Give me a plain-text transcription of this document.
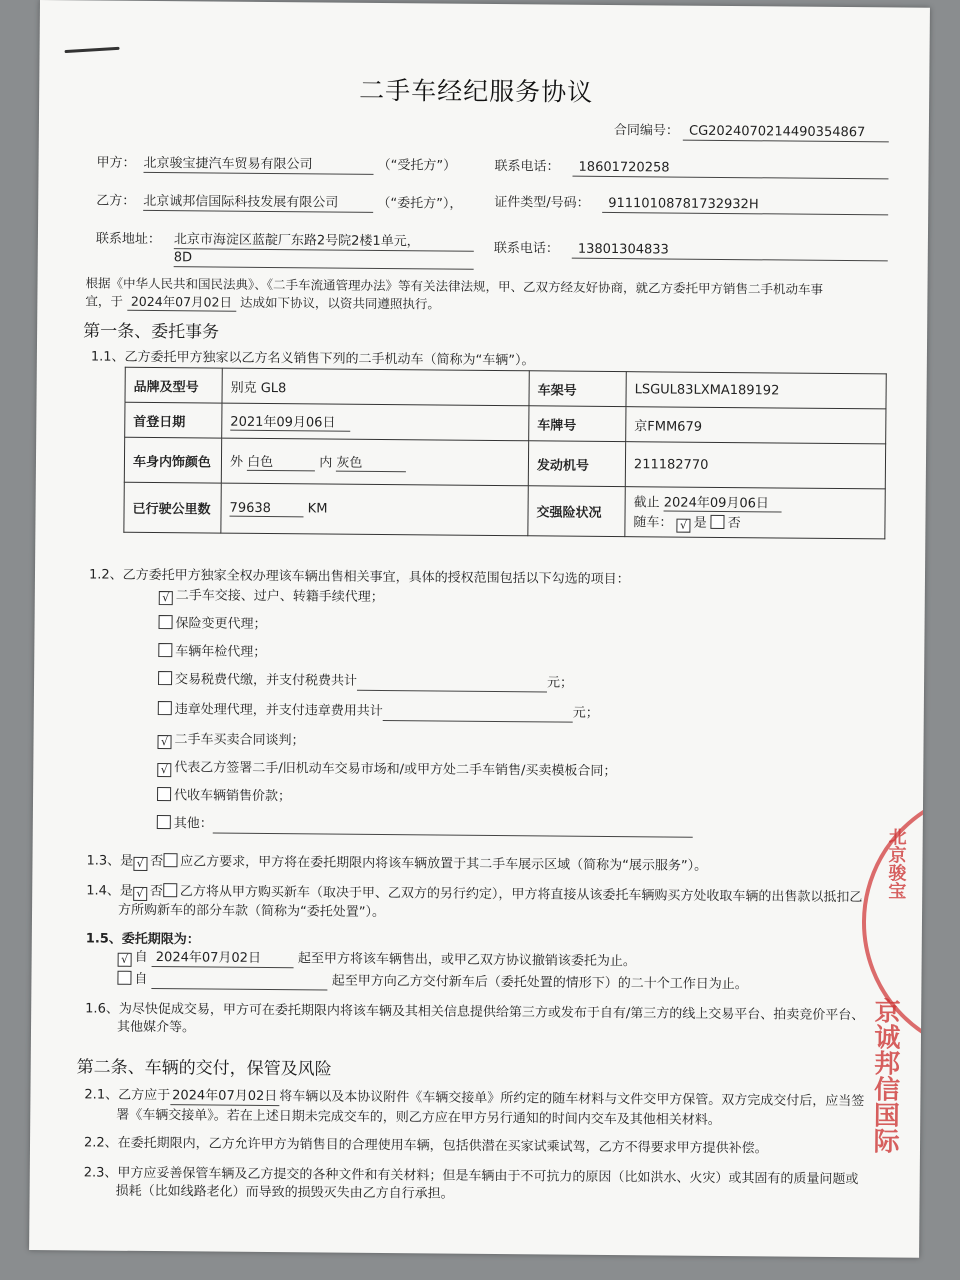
二手车经纪服务协议
合同编号： CG2024070214490354867
甲方： 北京骏宝捷汽车贸易有限公司	（“受托方”）	联系电话：	18601720258
乙方： 北京诚邦信国际科技发展有限公司	（“委托方”）， 证件类型/号码：	91110108781732932H
联系地址： 北京市海淀区蓝靛厂东路2号院2楼1单元，
8D
联系电话：	13801304833
根据《中华人民共和国民法典》、《二手车流通管理办法》等有关法律法规，甲、乙双方经友好协商，就乙方委托甲方销售二手机动车事
宜，于 2024年07月02日 达成如下协议，以资共同遵照执行。
第一条、委托事务
1.1、乙方委托甲方独家以乙方名义销售下列的二手机动车（简称为“车辆”）。
品牌及型号	别克 GL8	车架号	LSGUL83LXMA189192
首登日期	2021年09月06日	车牌号	京FMM679
车身内饰颜色	外 白色 内 灰色	发动机号	211182770
已行驶公里数	79638 KM	交强险状况	截止 2024年09月06日
随车： √ 是 否
1.2、乙方委托甲方独家全权办理该车辆出售相关事宜，具体的授权范围包括以下勾选的项目：
√ 二手车交接、过户、转籍手续代理；
保险变更代理；
车辆年检代理；
交易税费代缴，并支付税费共计	元；
违章处理代理，并支付违章费用共计	元；
√ 二手车买卖合同谈判；
√ 代表乙方签署二手/旧机动车交易市场和/或甲方处二手车销售/买卖模板合同；
代收车辆销售价款；
其他：
1.3、是 √ 否 应乙方要求，甲方将在委托期限内将该车辆放置于其二手车展示区域（简称为“展示服务”）。
1.4、是 √ 否 乙方将从甲方购买新车（取决于甲、乙双方的另行约定），甲方将直接从该委托车辆购买方处收取车辆的出售款以抵扣乙
方所购新车的部分车款（简称为“委托处置”）。
1.5、委托期限为：
√ 自 2024年07月02日	起至甲方将该车辆售出，或甲乙双方协议撤销该委托为止。
自	起至甲方向乙方交付新车后（委托处置的情形下）的二十个工作日为止。
1.6、为尽快促成交易，甲方可在委托期限内将该车辆及其相关信息提供给第三方或发布于自有/第三方的线上交易平台、拍卖竞价平台、
其他媒介等。
第二条、车辆的交付，保管及风险
2.1、乙方应于 2024年07月02日 将车辆以及本协议附件《车辆交接单》所约定的随车材料与文件交甲方保管。双方完成交付后，应当签
署《车辆交接单》。若在上述日期未完成交车的，则乙方应在甲方另行通知的时间内交车及其他相关材料。
2.2、在委托期限内，乙方允许甲方为销售目的合理使用车辆，包括供潜在买家试乘试驾，乙方不得要求甲方提供补偿。
2.3、甲方应妥善保管车辆及乙方提交的各种文件和有关材料；但是车辆由于不可抗力的原因（比如洪水、火灾）或其固有的质量问题或
损耗（比如线路老化）而导致的损毁灭失由乙方自行承担。
北京骏宝
京诚邦信国际
